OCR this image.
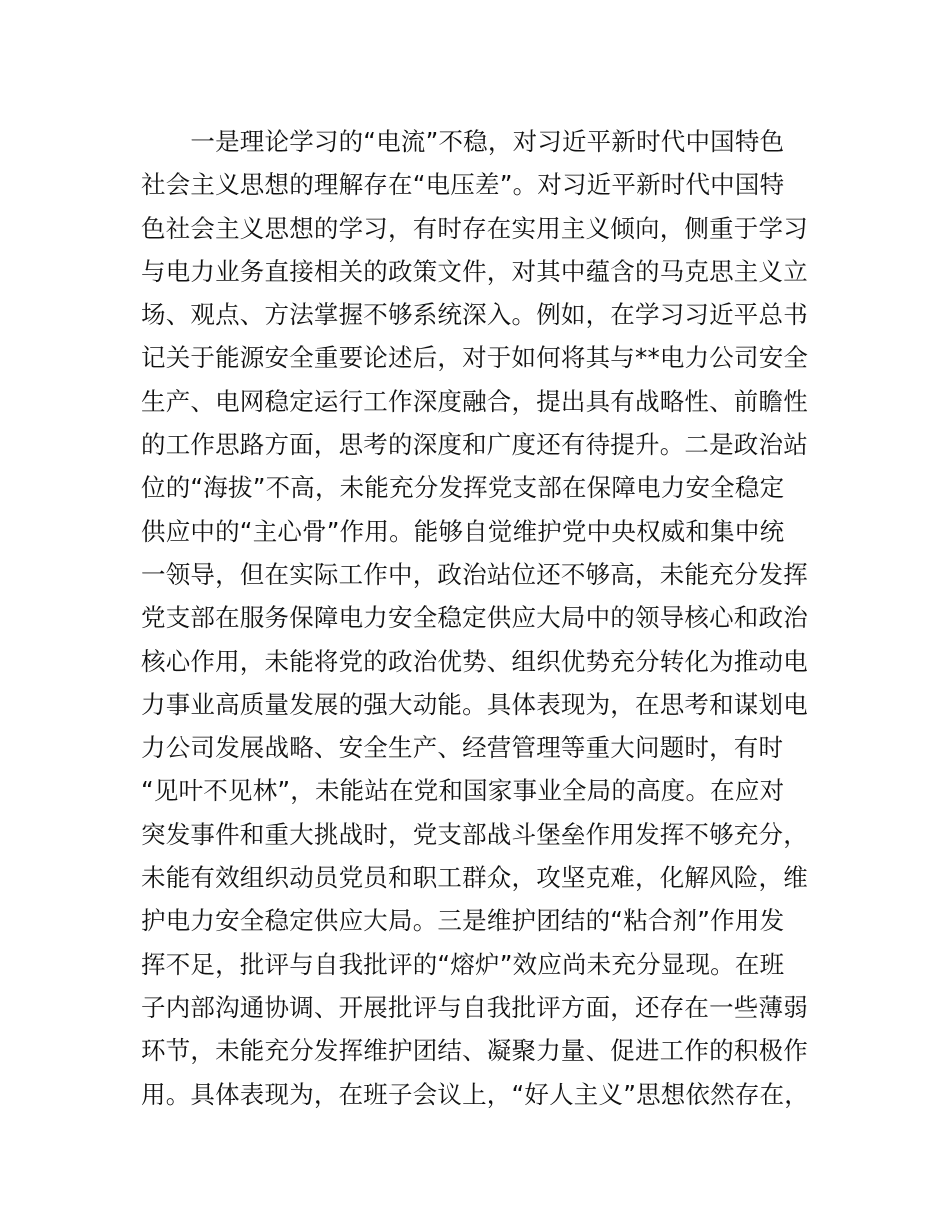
　　一是理论学习的“电流”不稳，对习近平新时代中国特色
社会主义思想的理解存在“电压差”。对习近平新时代中国特
色社会主义思想的学习，有时存在实用主义倾向，侧重于学习
与电力业务直接相关的政策文件，对其中蕴含的马克思主义立
场、观点、方法掌握不够系统深入。例如，在学习习近平总书
记关于能源安全重要论述后，对于如何将其与**电力公司安全
生产、电网稳定运行工作深度融合，提出具有战略性、前瞻性
的工作思路方面，思考的深度和广度还有待提升。二是政治站
位的“海拔”不高，未能充分发挥党支部在保障电力安全稳定
供应中的“主心骨”作用。能够自觉维护党中央权威和集中统
一领导，但在实际工作中，政治站位还不够高，未能充分发挥
党支部在服务保障电力安全稳定供应大局中的领导核心和政治
核心作用，未能将党的政治优势、组织优势充分转化为推动电
力事业高质量发展的强大动能。具体表现为，在思考和谋划电
力公司发展战略、安全生产、经营管理等重大问题时，有时
“见叶不见林”，未能站在党和国家事业全局的高度。在应对
突发事件和重大挑战时，党支部战斗堡垒作用发挥不够充分，
未能有效组织动员党员和职工群众，攻坚克难，化解风险，维
护电力安全稳定供应大局。三是维护团结的“粘合剂”作用发
挥不足，批评与自我批评的“熔炉”效应尚未充分显现。在班
子内部沟通协调、开展批评与自我批评方面，还存在一些薄弱
环节，未能充分发挥维护团结、凝聚力量、促进工作的积极作
用。具体表现为，在班子会议上，“好人主义”思想依然存在，
